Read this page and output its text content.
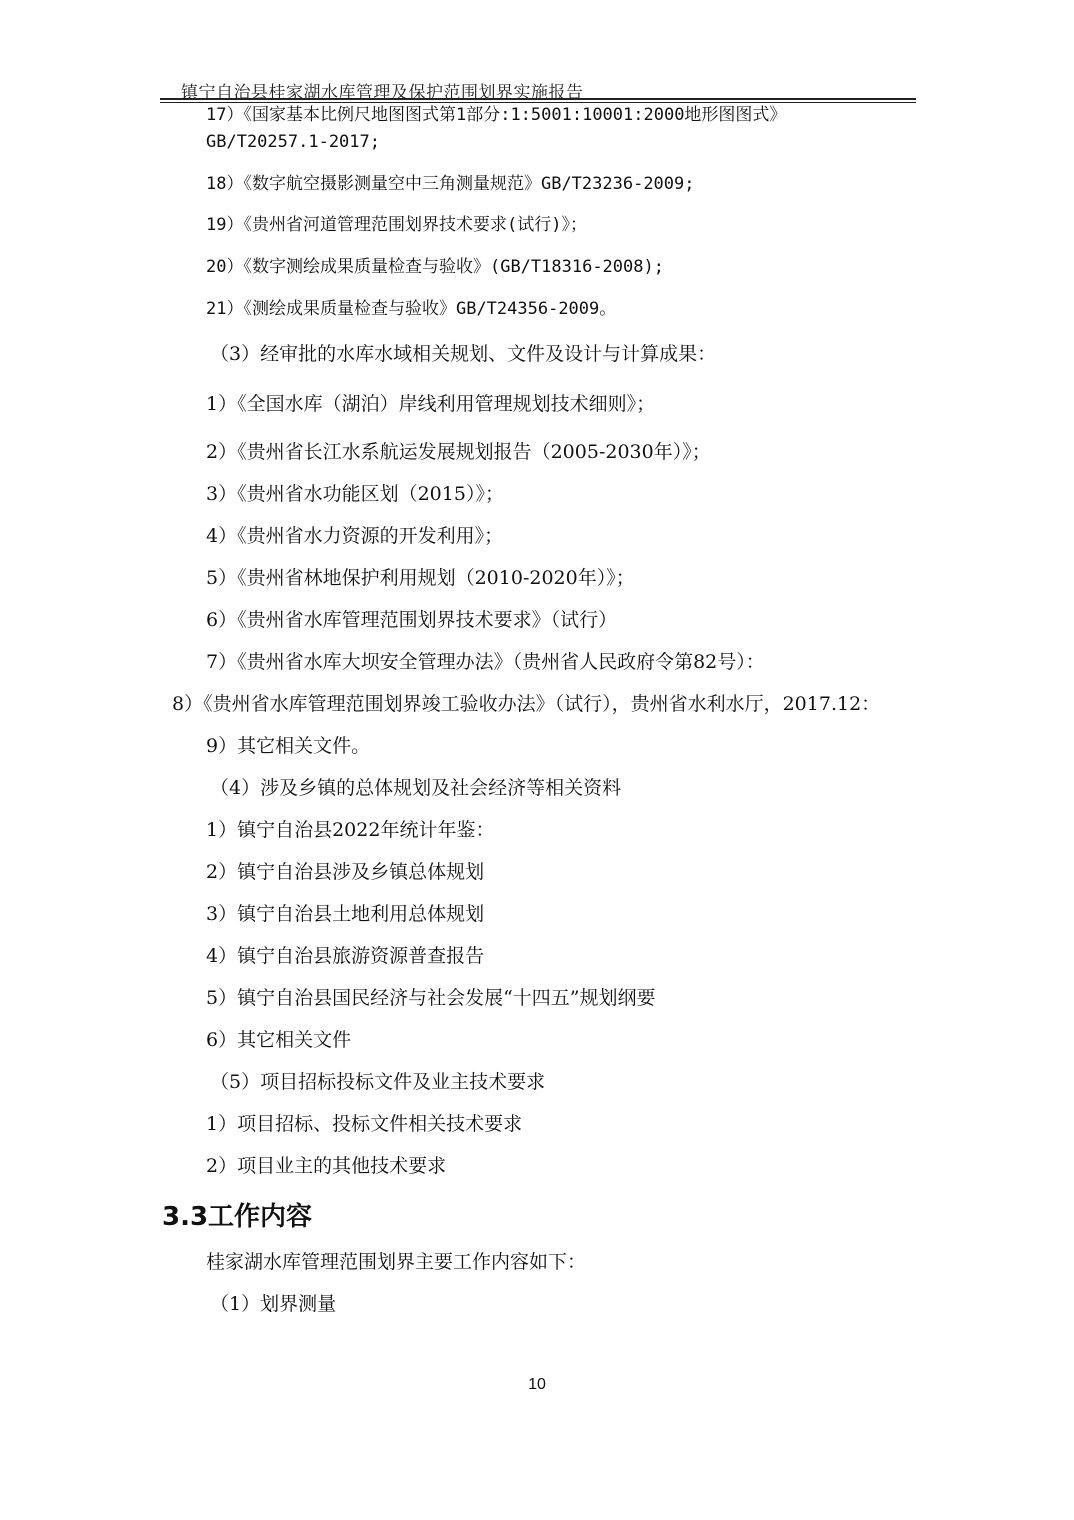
镇宁自治县桂家湖水库管理及保护范围划界实施报告
17）《国家基本比例尺地图图式第1部分:1:5001:10001:2000地形图图式》
GB/T20257.1-2017;
18）《数字航空摄影测量空中三角测量规范》GB/T23236-2009;
19）《贵州省河道管理范围划界技术要求(试行)》；
20）《数字测绘成果质量检查与验收》(GB/T18316-2008);
21）《测绘成果质量检查与验收》GB/T24356-2009。
（3）经审批的水库水域相关规划、文件及设计与计算成果：
1）《全国水库（湖泊）岸线利用管理规划技术细则》；
2）《贵州省长江水系航运发展规划报告（2005-2030年）》；
3）《贵州省水功能区划（2015）》；
4）《贵州省水力资源的开发利用》；
5）《贵州省林地保护利用规划（2010-2020年）》；
6）《贵州省水库管理范围划界技术要求》（试行）
7）《贵州省水库大坝安全管理办法》（贵州省人民政府令第82号）：
8）《贵州省水库管理范围划界竣工验收办法》（试行），贵州省水利水厅，2017.12：
9）其它相关文件。
（4）涉及乡镇的总体规划及社会经济等相关资料
1）镇宁自治县2022年统计年鉴：
2）镇宁自治县涉及乡镇总体规划
3）镇宁自治县土地利用总体规划
4）镇宁自治县旅游资源普查报告
5）镇宁自治县国民经济与社会发展“十四五”规划纲要
6）其它相关文件
（5）项目招标投标文件及业主技术要求
1）项目招标、投标文件相关技术要求
2）项目业主的其他技术要求
3.3工作内容
桂家湖水库管理范围划界主要工作内容如下：
（1）划界测量
10
